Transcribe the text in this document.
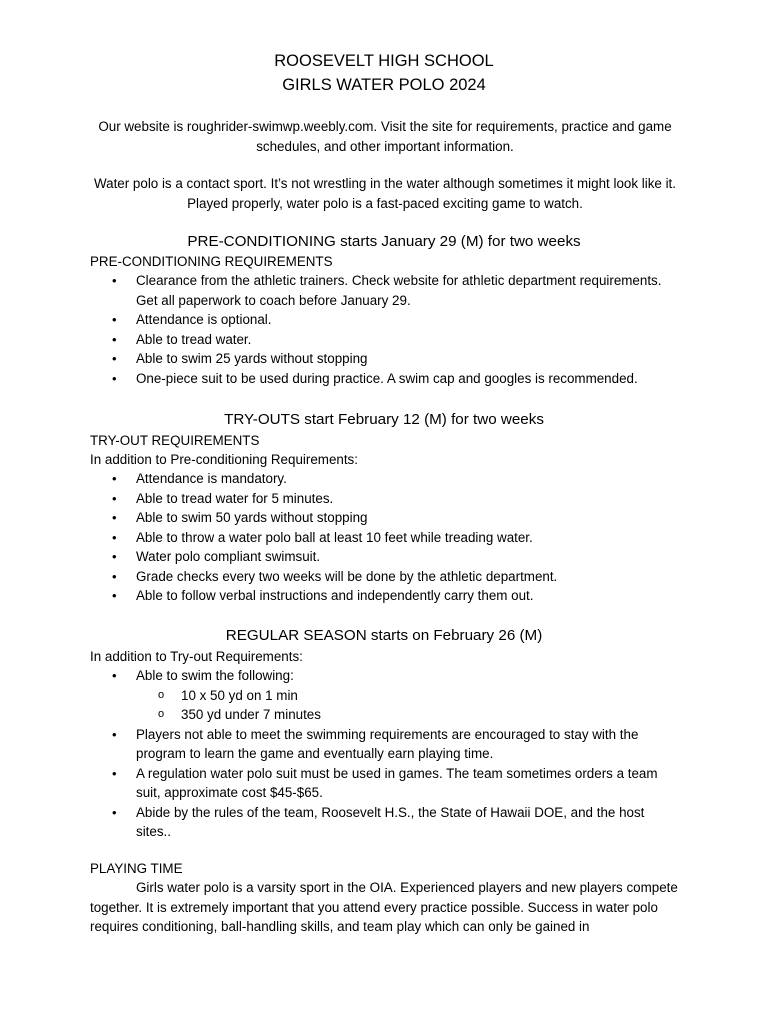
ROOSEVELT HIGH SCHOOL
GIRLS WATER POLO 2024
Our website is roughrider-swimwp.weebly.com. Visit the site for requirements, practice and game schedules, and other important information.
Water polo is a contact sport. It’s not wrestling in the water although sometimes it might look like it. Played properly, water polo is a fast-paced exciting game to watch.
PRE-CONDITIONING starts January 29 (M) for two weeks
PRE-CONDITIONING REQUIREMENTS
• Clearance from the athletic trainers. Check website for athletic department requirements. Get all paperwork to coach before January 29.
• Attendance is optional.
• Able to tread water.
• Able to swim 25 yards without stopping
• One-piece suit to be used during practice. A swim cap and googles is recommended.
TRY-OUTS start February 12 (M) for two weeks
TRY-OUT REQUIREMENTS
In addition to Pre-conditioning Requirements:
• Attendance is mandatory.
• Able to tread water for 5 minutes.
• Able to swim 50 yards without stopping
• Able to throw a water polo ball at least 10 feet while treading water.
• Water polo compliant swimsuit.
• Grade checks every two weeks will be done by the athletic department.
• Able to follow verbal instructions and independently carry them out.
REGULAR SEASON starts on February 26 (M)
In addition to Try-out Requirements:
• Able to swim the following:
o 10 x 50 yd on 1 min
o 350 yd under 7 minutes
• Players not able to meet the swimming requirements are encouraged to stay with the program to learn the game and eventually earn playing time.
• A regulation water polo suit must be used in games. The team sometimes orders a team suit, approximate cost $45-$65.
• Abide by the rules of the team, Roosevelt H.S., the State of Hawaii DOE, and the host sites..
PLAYING TIME
Girls water polo is a varsity sport in the OIA. Experienced players and new players compete together. It is extremely important that you attend every practice possible. Success in water polo requires conditioning, ball-handling skills, and team play which can only be gained in
